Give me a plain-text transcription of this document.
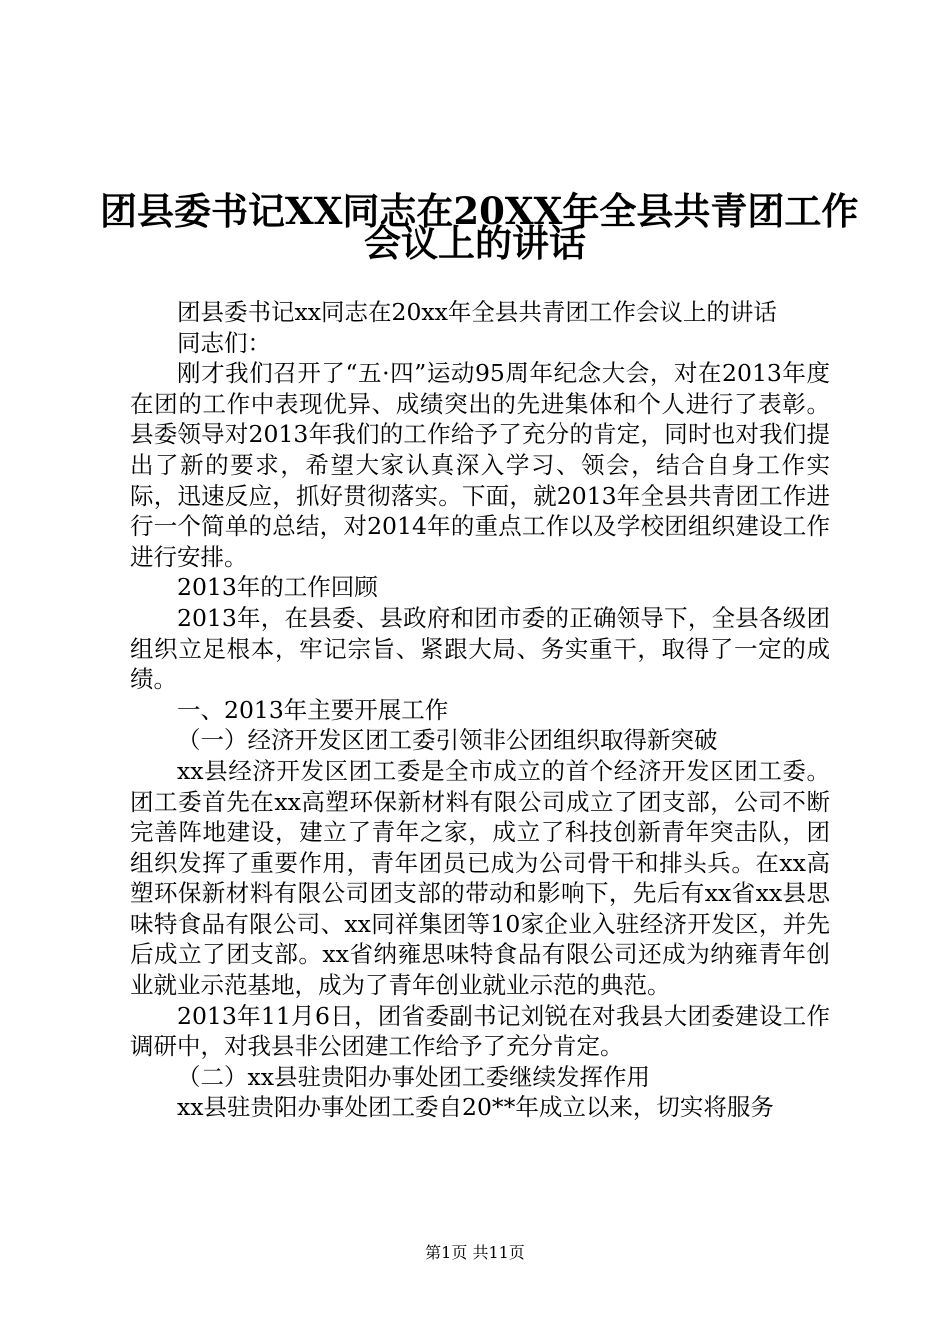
团县委书记XX同志在20XX年全县共青团工作
会议上的讲话

团县委书记xx同志在20xx年全县共青团工作会议上的讲话

同志们：

刚才我们召开了“五·四”运动95周年纪念大会，对在2013年度在团的工作中表现优异、成绩突出的先进集体和个人进行了表彰。县委领导对2013年我们的工作给予了充分的肯定，同时也对我们提出了新的要求，希望大家认真深入学习、领会，结合自身工作实际，迅速反应，抓好贯彻落实。下面，就2013年全县共青团工作进行一个简单的总结，对2014年的重点工作以及学校团组织建设工作进行安排。

2013年的工作回顾

2013年，在县委、县政府和团市委的正确领导下，全县各级团组织立足根本，牢记宗旨、紧跟大局、务实重干，取得了一定的成绩。

一、2013年主要开展工作

（一）经济开发区团工委引领非公团组织取得新突破

xx县经济开发区团工委是全市成立的首个经济开发区团工委。团工委首先在xx高塑环保新材料有限公司成立了团支部，公司不断完善阵地建设，建立了青年之家，成立了科技创新青年突击队，团组织发挥了重要作用，青年团员已成为公司骨干和排头兵。在xx高塑环保新材料有限公司团支部的带动和影响下，先后有xx省xx县思味特食品有限公司、xx同祥集团等10家企业入驻经济开发区，并先后成立了团支部。xx省纳雍思味特食品有限公司还成为纳雍青年创业就业示范基地，成为了青年创业就业示范的典范。

2013年11月6日，团省委副书记刘锐在对我县大团委建设工作调研中，对我县非公团建工作给予了充分肯定。

（二）xx县驻贵阳办事处团工委继续发挥作用

xx县驻贵阳办事处团工委自20**年成立以来，切实将服务

第1页 共11页
